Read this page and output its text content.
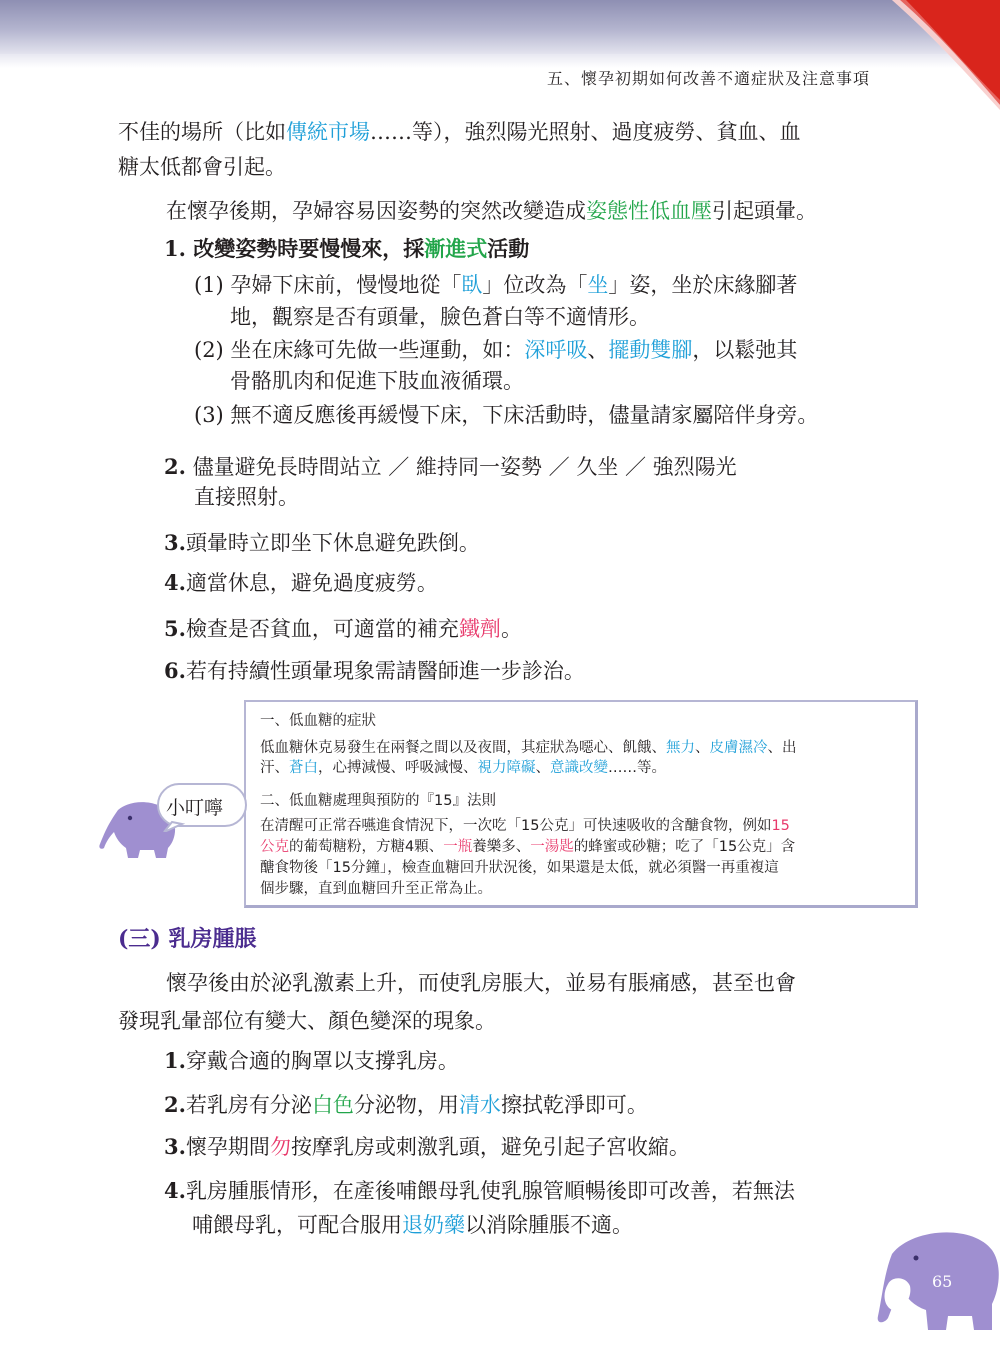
五、懷孕初期如何改善不適症狀及注意事項
不佳的場所（比如傳統市場……等），強烈陽光照射、過度疲勞、貧血、血
糖太低都會引起。
在懷孕後期，孕婦容易因姿勢的突然改變造成姿態性低血壓引起頭暈。
1. 改變姿勢時要慢慢來，採漸進式活動
(1) 孕婦下床前，慢慢地從「臥」位改為「坐」姿，坐於床緣腳著
地，觀察是否有頭暈，臉色蒼白等不適情形。
(2) 坐在床緣可先做一些運動，如：深呼吸、擺動雙腳，以鬆弛其
骨骼肌肉和促進下肢血液循環。
(3) 無不適反應後再緩慢下床，下床活動時，儘量請家屬陪伴身旁。
2. 儘量避免長時間站立 ／ 維持同一姿勢 ／ 久坐 ／ 強烈陽光
直接照射。
3.頭暈時立即坐下休息避免跌倒。
4.適當休息，避免過度疲勞。
5.檢查是否貧血，可適當的補充鐵劑。
6.若有持續性頭暈現象需請醫師進一步診治。
一、低血糖的症狀
低血糖休克易發生在兩餐之間以及夜間，其症狀為噁心、飢餓、無力、皮膚濕冷、出
汗、蒼白，心搏減慢、呼吸減慢、視力障礙、意識改變……等。
二、低血糖處理與預防的『15』法則
在清醒可正常吞嚥進食情況下，一次吃「15公克」可快速吸收的含醣食物，例如15
公克的葡萄糖粉，方糖4顆、一瓶養樂多、一湯匙的蜂蜜或砂糖；吃了「15公克」含
醣食物後「15分鐘」，檢查血糖回升狀況後，如果還是太低，就必須醫一再重複這
個步驟，直到血糖回升至正常為止。
小叮嚀
(三) 乳房腫脹
懷孕後由於泌乳激素上升，而使乳房脹大，並易有脹痛感，甚至也會
發現乳暈部位有變大、顏色變深的現象。
1.穿戴合適的胸罩以支撐乳房。
2.若乳房有分泌白色分泌物，用清水擦拭乾淨即可。
3.懷孕期間勿按摩乳房或刺激乳頭，避免引起子宮收縮。
4.乳房腫脹情形，在產後哺餵母乳使乳腺管順暢後即可改善，若無法
哺餵母乳，可配合服用退奶藥以消除腫脹不適。
65
